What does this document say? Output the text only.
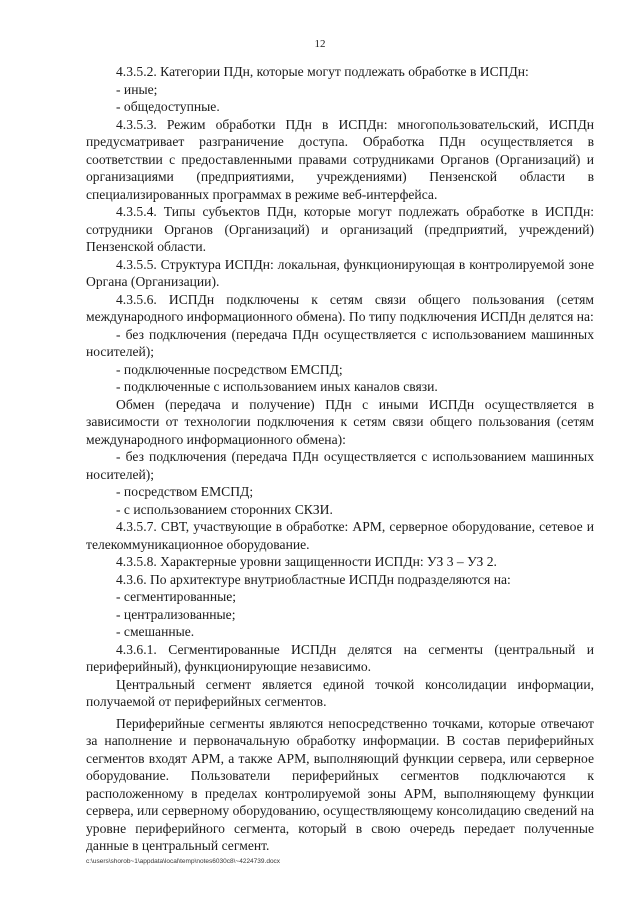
12

4.3.5.2. Категории ПДн, которые могут подлежать обработке в ИСПДн:

- иные;

- общедоступные.

4.3.5.3. Режим обработки ПДн в ИСПДн: многопользовательский, ИСПДн предусматривает разграничение доступа. Обработка ПДн осуществляется в соответствии с предоставленными правами сотрудниками Органов (Организаций) и организациями (предприятиями, учреждениями) Пензенской области в специализированных программах в режиме веб-интерфейса.

4.3.5.4. Типы субъектов ПДн, которые могут подлежать обработке в ИСПДн: сотрудники Органов (Организаций) и организаций (предприятий, учреждений) Пензенской области.

4.3.5.5. Структура ИСПДн: локальная, функционирующая в контролируемой зоне Органа (Организации).

4.3.5.6. ИСПДн подключены к сетям связи общего пользования (сетям международного информационного обмена). По типу подключения ИСПДн делятся на:

- без подключения (передача ПДн осуществляется с использованием машинных носителей);

- подключенные посредством ЕМСПД;

- подключенные с использованием иных каналов связи.

Обмен (передача и получение) ПДн с иными ИСПДн осуществляется в зависимости от технологии подключения к сетям связи общего пользования (сетям международного информационного обмена):

- без подключения (передача ПДн осуществляется с использованием машинных носителей);

- посредством ЕМСПД;

- с использованием сторонних СКЗИ.

4.3.5.7. СВТ, участвующие в обработке: АРМ, серверное оборудование, сетевое и телекоммуникационное оборудование.

4.3.5.8. Характерные уровни защищенности ИСПДн: УЗ 3 – УЗ 2.

4.3.6. По архитектуре внутриобластные ИСПДн подразделяются на:

- сегментированные;

- централизованные;

- смешанные.

4.3.6.1. Сегментированные ИСПДн делятся на сегменты (центральный и периферийный), функционирующие независимо.

Центральный сегмент является единой точкой консолидации информации, получаемой от периферийных сегментов.

Периферийные сегменты являются непосредственно точками, которые отвечают за наполнение и первоначальную обработку информации. В состав периферийных сегментов входят АРМ, а также АРМ, выполняющий функции сервера, или серверное оборудование. Пользователи периферийных сегментов подключаются к расположенному в пределах контролируемой зоны АРМ, выполняющему функции сервера, или серверному оборудованию, осуществляющему консолидацию сведений на уровне периферийного сегмента, который в свою очередь передает полученные данные в центральный сегмент.

c:\users\shorob~1\appdata\local\temp\notes6030c8\~4224739.docx
